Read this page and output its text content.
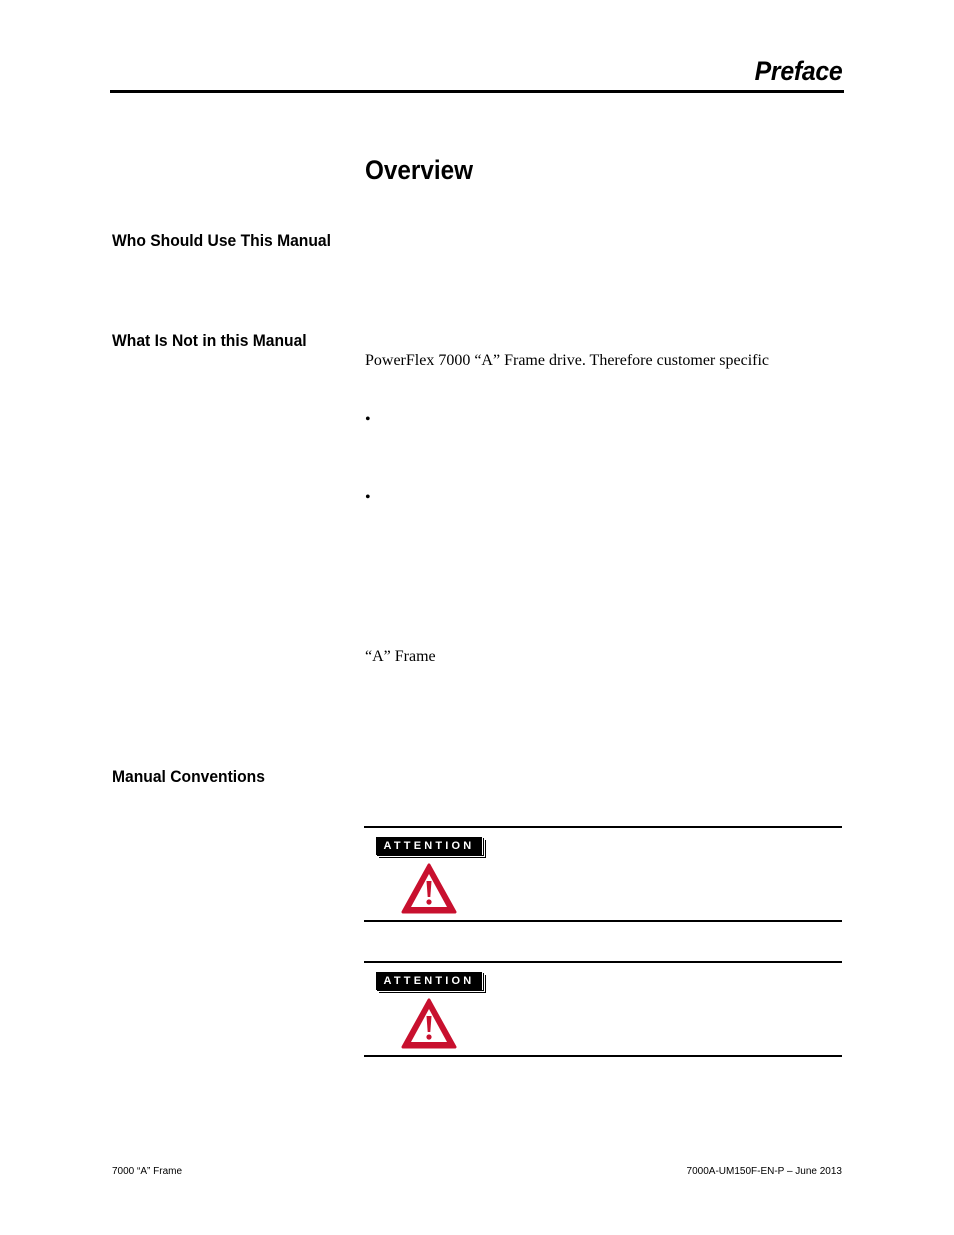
Preface
Overview
Who Should Use This Manual
What Is Not in this Manual
Manual Conventions
PowerFlex 7000 “A” Frame drive. Therefore customer specific
•
•
“A” Frame
ATTENTION
ATTENTION
7000 “A” Frame	7000A-UM150F-EN-P – June 2013
